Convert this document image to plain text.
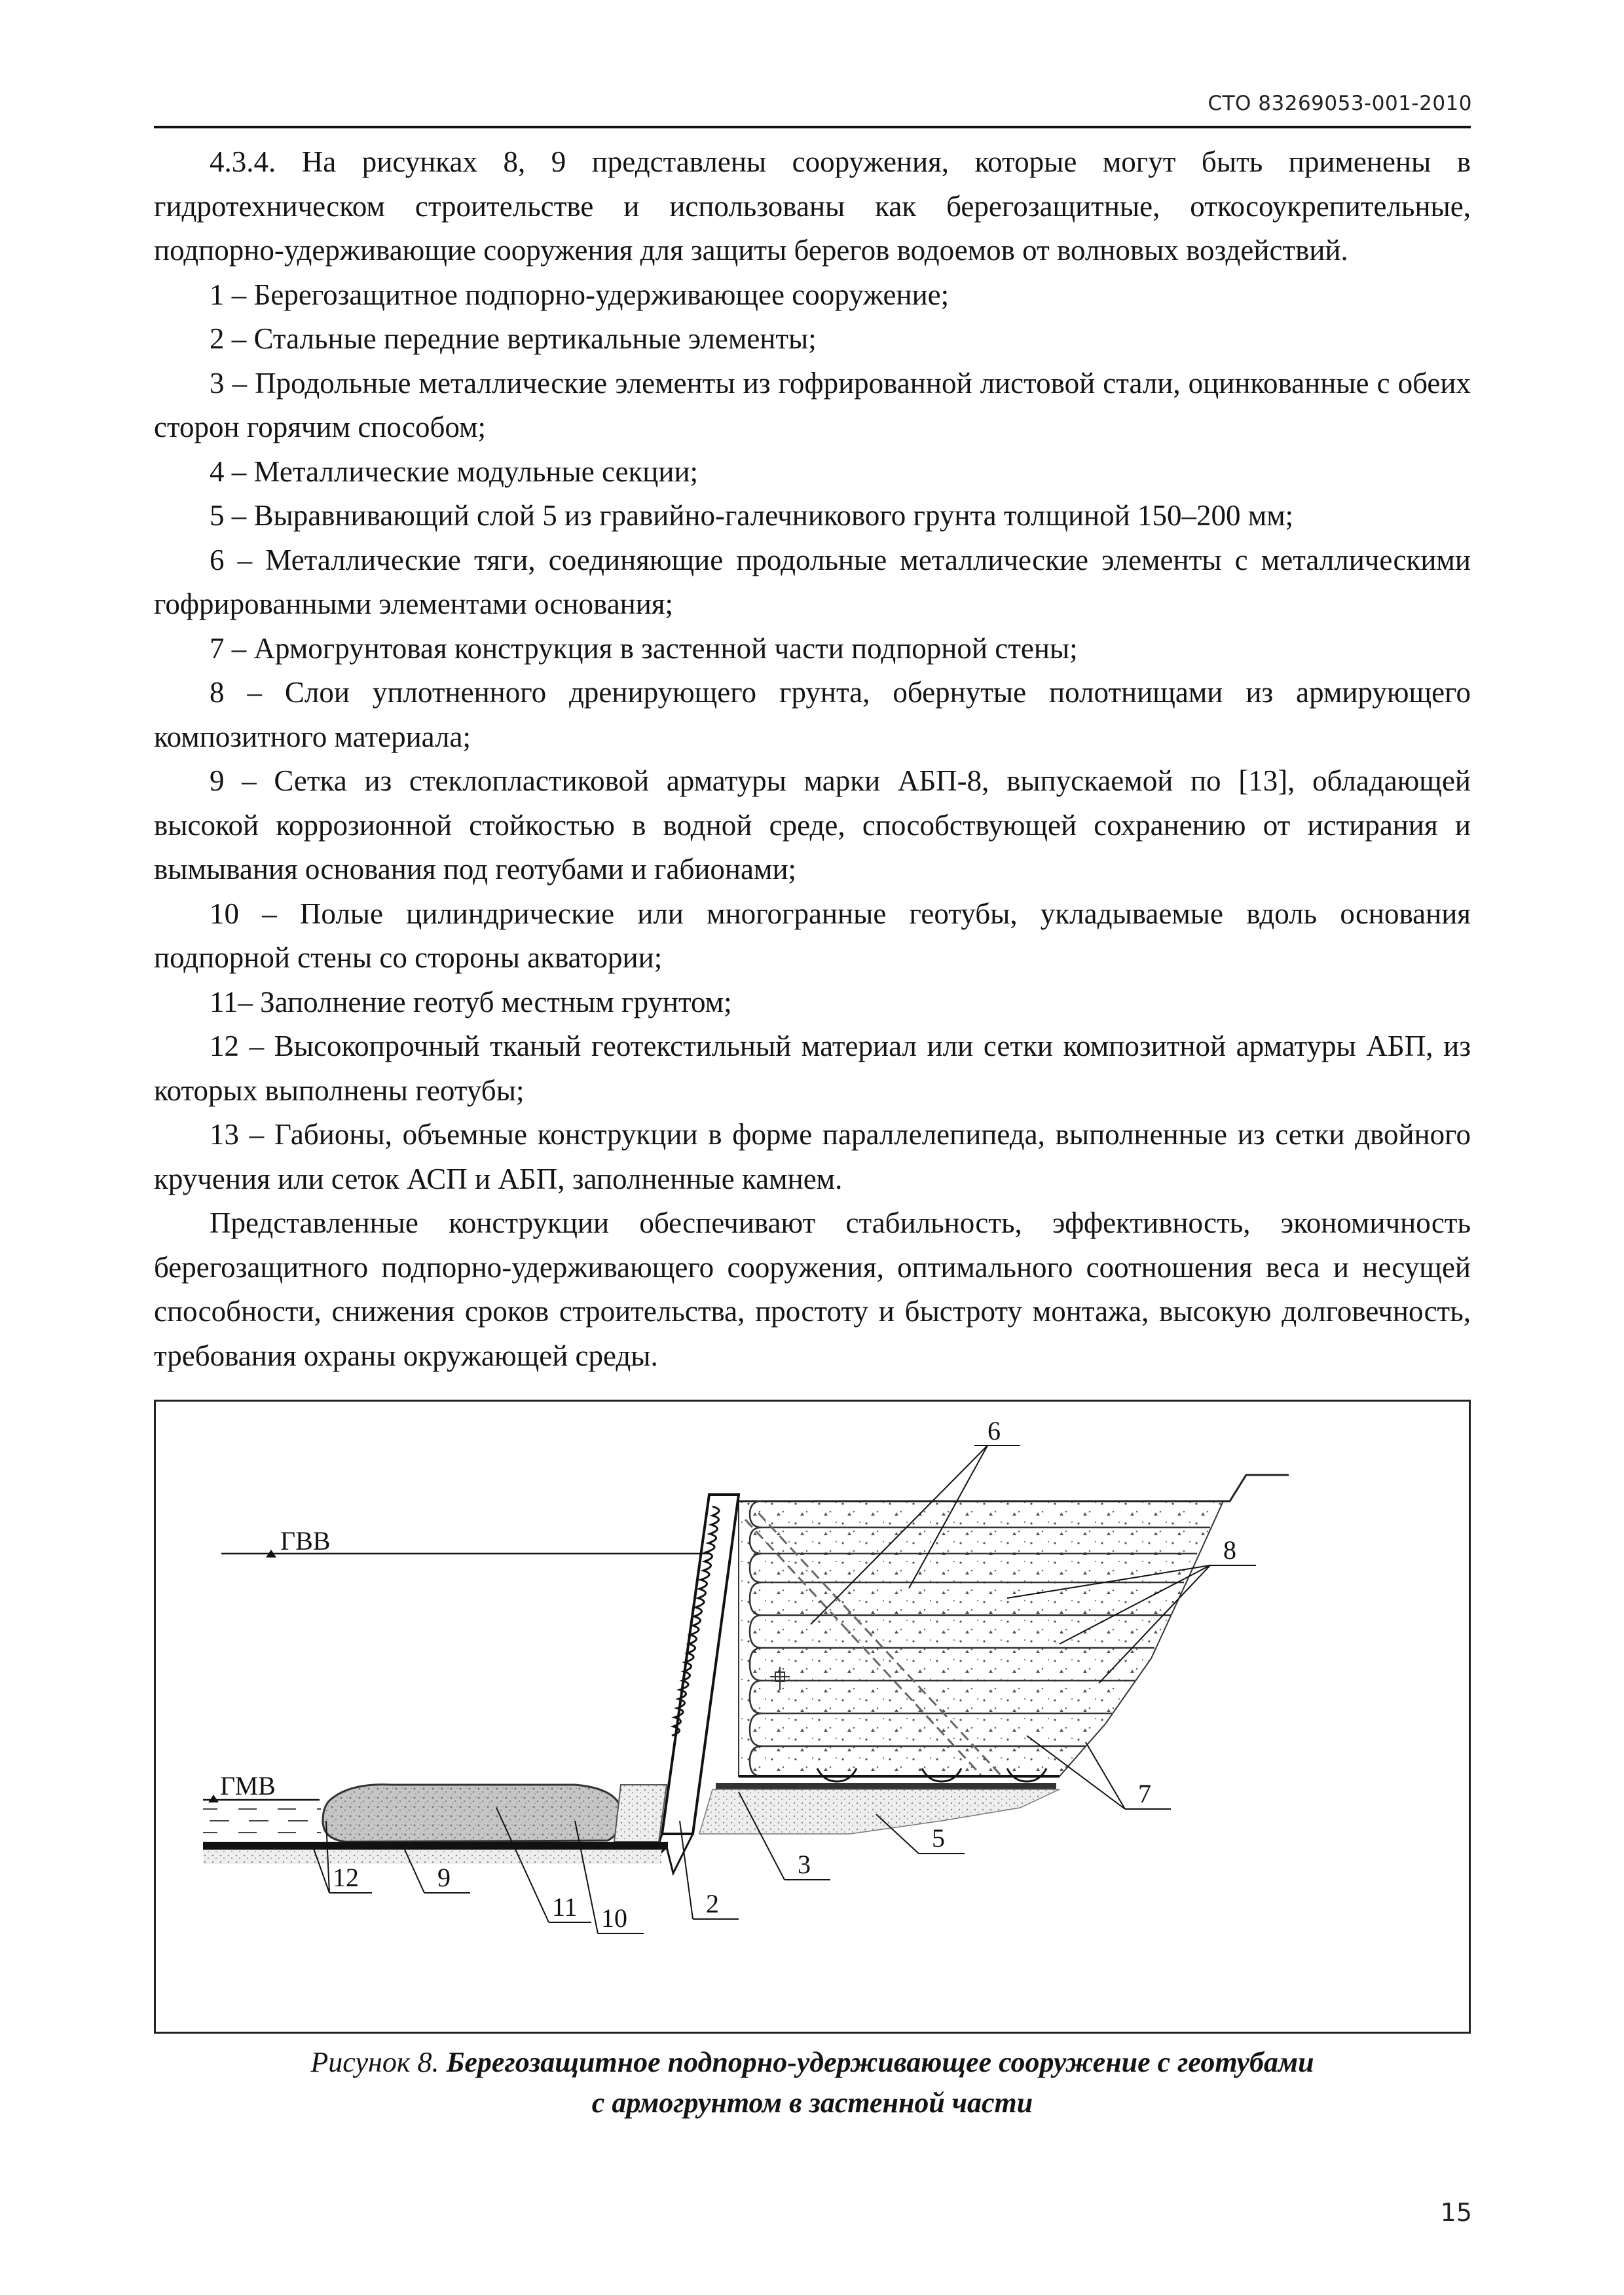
СТО 83269053-001-2010

4.3.4. На рисунках 8, 9 представлены сооружения, которые могут быть применены в гидротехническом строительстве и использованы как берегозащитные, откосоукрепительные, подпорно-удерживающие сооружения для защиты берегов водоемов от волновых воздействий.

1 – Берегозащитное подпорно-удерживающее сооружение;

2 – Стальные передние вертикальные элементы;

3 – Продольные металлические элементы из гофрированной листовой стали, оцинкованные с обеих сторон горячим способом;

4 – Металлические модульные секции;

5 – Выравнивающий слой 5 из гравийно-галечникового грунта толщиной 150–200 мм;

6 – Металлические тяги, соединяющие продольные металлические элементы с металлическими гофрированными элементами основания;

7 – Армогрунтовая конструкция в застенной части подпорной стены;

8 – Слои уплотненного дренирующего грунта, обернутые полотнищами из армирующего композитного материала;

9 – Сетка из стеклопластиковой арматуры марки АБП-8, выпускаемой по [13], обладающей высокой коррозионной стойкостью в водной среде, способствующей сохранению от истирания и вымывания основания под геотубами и габионами;

10 – Полые цилиндрические или многогранные геотубы, укладываемые вдоль основания подпорной стены со стороны акватории;

11– Заполнение геотуб местным грунтом;

12 – Высокопрочный тканый геотекстильный материал или сетки композитной арматуры АБП, из которых выполнены геотубы;

13 – Габионы, объемные конструкции в форме параллелепипеда, выполненные из сетки двойного кручения или сеток АСП и АБП, заполненные камнем.

Представленные конструкции обеспечивают стабильность, эффективность, экономичность берегозащитного подпорно-удерживающего сооружения, оптимального соотношения веса и несущей способности, снижения сроков строительства, простоту и быстроту монтажа, высокую долговечность, требования охраны окружающей среды.

ГВВ
ГМВ
6
8
7
5
3
2
10
11
9
12
Рисунок 8. Берегозащитное подпорно-удерживающее сооружение с геотубами
с армогрунтом в застенной части
15
